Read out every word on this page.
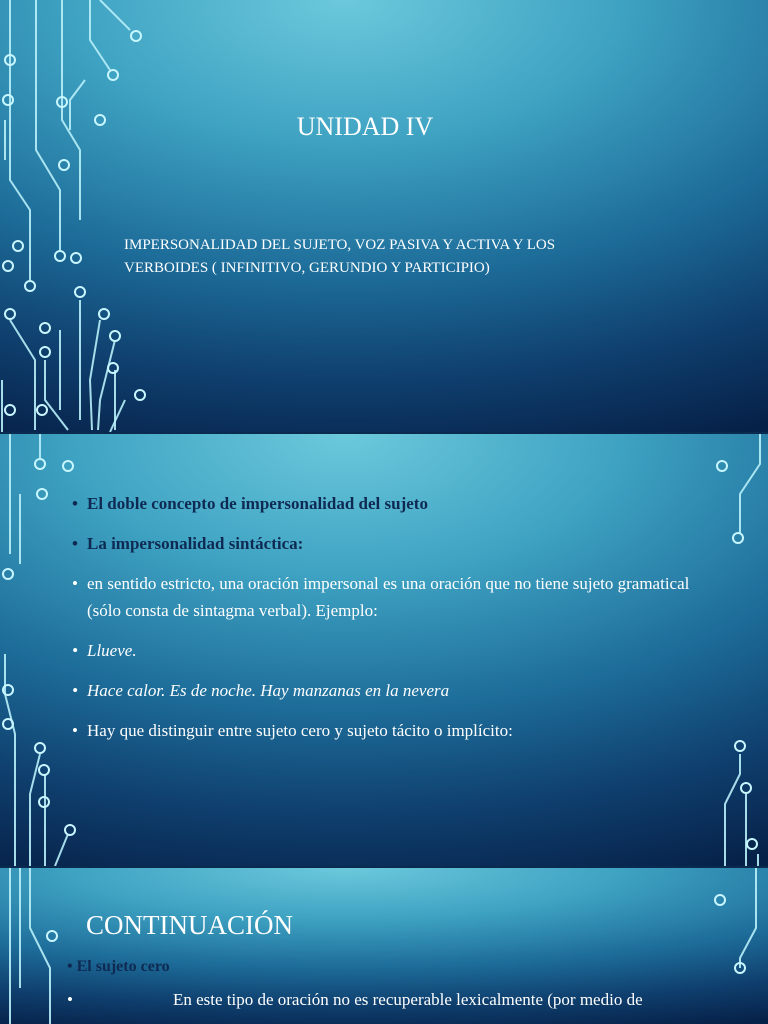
UNIDAD IV
IMPERSONALIDAD DEL SUJETO, VOZ PASIVA Y ACTIVA Y LOS VERBOIDES ( INFINITIVO, GERUNDIO Y PARTICIPIO)
• El doble concepto de impersonalidad del sujeto
• La impersonalidad sintáctica:
• en sentido estricto, una oración impersonal es una oración que no tiene sujeto gramatical (sólo consta de sintagma verbal). Ejemplo:
• Llueve.
• Hace calor. Es de noche. Hay manzanas en la nevera
• Hay que distinguir entre sujeto cero y sujeto tácito o implícito:
CONTINUACIÓN
• El sujeto cero
•	En este tipo de oración no es recuperable lexicalmente (por medio de
